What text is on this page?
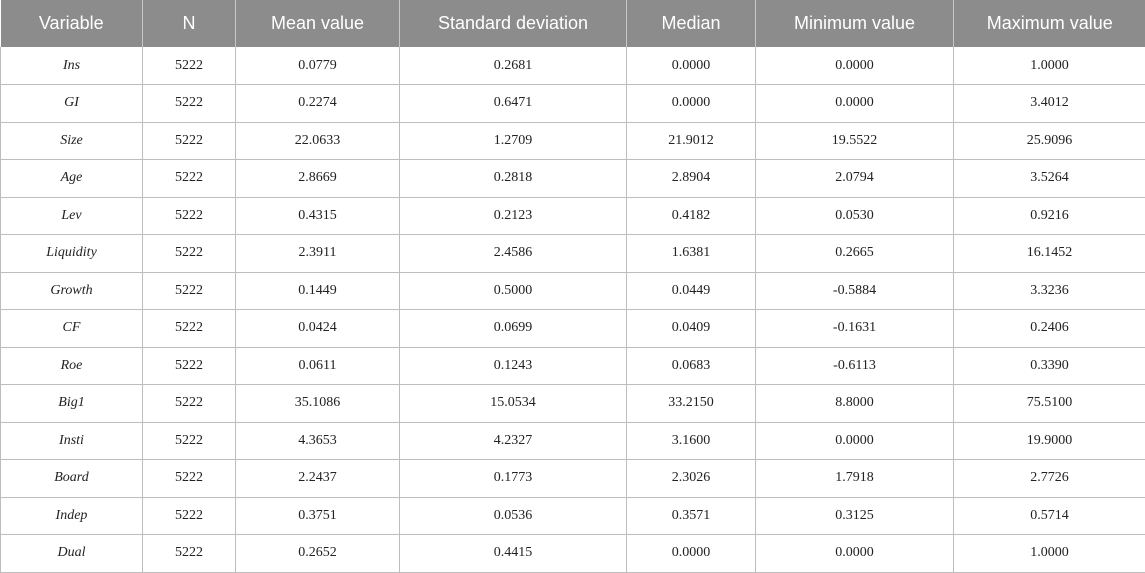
Variable	N	Mean value	Standard deviation	Median	Minimum value	Maximum value
Ins	5222	0.0779	0.2681	0.0000	0.0000	1.0000
GI	5222	0.2274	0.6471	0.0000	0.0000	3.4012
Size	5222	22.0633	1.2709	21.9012	19.5522	25.9096
Age	5222	2.8669	0.2818	2.8904	2.0794	3.5264
Lev	5222	0.4315	0.2123	0.4182	0.0530	0.9216
Liquidity	5222	2.3911	2.4586	1.6381	0.2665	16.1452
Growth	5222	0.1449	0.5000	0.0449	-0.5884	3.3236
CF	5222	0.0424	0.0699	0.0409	-0.1631	0.2406
Roe	5222	0.0611	0.1243	0.0683	-0.6113	0.3390
Big1	5222	35.1086	15.0534	33.2150	8.8000	75.5100
Insti	5222	4.3653	4.2327	3.1600	0.0000	19.9000
Board	5222	2.2437	0.1773	2.3026	1.7918	2.7726
Indep	5222	0.3751	0.0536	0.3571	0.3125	0.5714
Dual	5222	0.2652	0.4415	0.0000	0.0000	1.0000
